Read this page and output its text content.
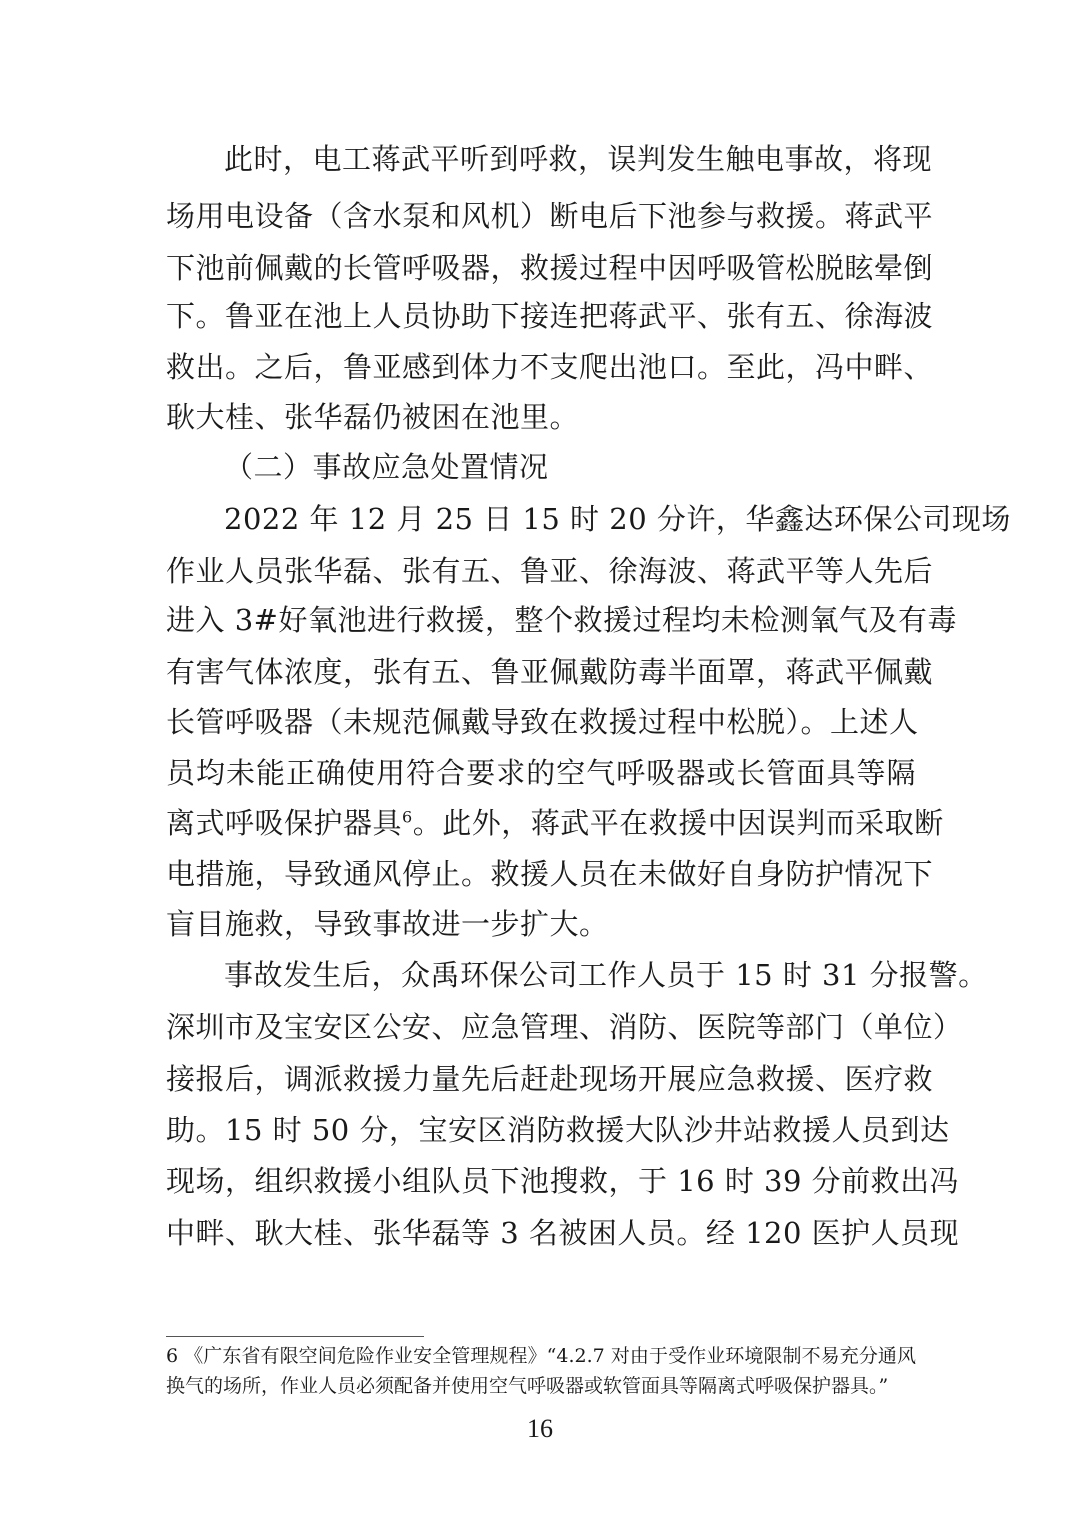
此时，电工蒋武平听到呼救，误判发生触电事故，将现
场用电设备（含水泵和风机）断电后下池参与救援。蒋武平
下池前佩戴的长管呼吸器，救援过程中因呼吸管松脱眩晕倒
下。鲁亚在池上人员协助下接连把蒋武平、张有五、徐海波
救出。之后，鲁亚感到体力不支爬出池口。至此，冯中畔、
耿大桂、张华磊仍被困在池里。
（二）事故应急处置情况
2022 年 12 月 25 日 15 时 20 分许，华鑫达环保公司现场
作业人员张华磊、张有五、鲁亚、徐海波、蒋武平等人先后
进入 3#好氧池进行救援，整个救援过程均未检测氧气及有毒
有害气体浓度，张有五、鲁亚佩戴防毒半面罩，蒋武平佩戴
长管呼吸器（未规范佩戴导致在救援过程中松脱）。上述人
员均未能正确使用符合要求的空气呼吸器或长管面具等隔
离式呼吸保护器具$^6$。此外，蒋武平在救援中因误判而采取断
电措施，导致通风停止。救援人员在未做好自身防护情况下
盲目施救，导致事故进一步扩大。
事故发生后，众禹环保公司工作人员于 15 时 31 分报警。
深圳市及宝安区公安、应急管理、消防、医院等部门（单位）
接报后，调派救援力量先后赶赴现场开展应急救援、医疗救
助。15 时 50 分，宝安区消防救援大队沙井站救援人员到达
现场，组织救援小组队员下池搜救，于 16 时 39 分前救出冯
中畔、耿大桂、张华磊等 3 名被困人员。经 120 医护人员现
6 《广东省有限空间危险作业安全管理规程》“4.2.7 对由于受作业环境限制不易充分通风
换气的场所，作业人员必须配备并使用空气呼吸器或软管面具等隔离式呼吸保护器具。”
16
